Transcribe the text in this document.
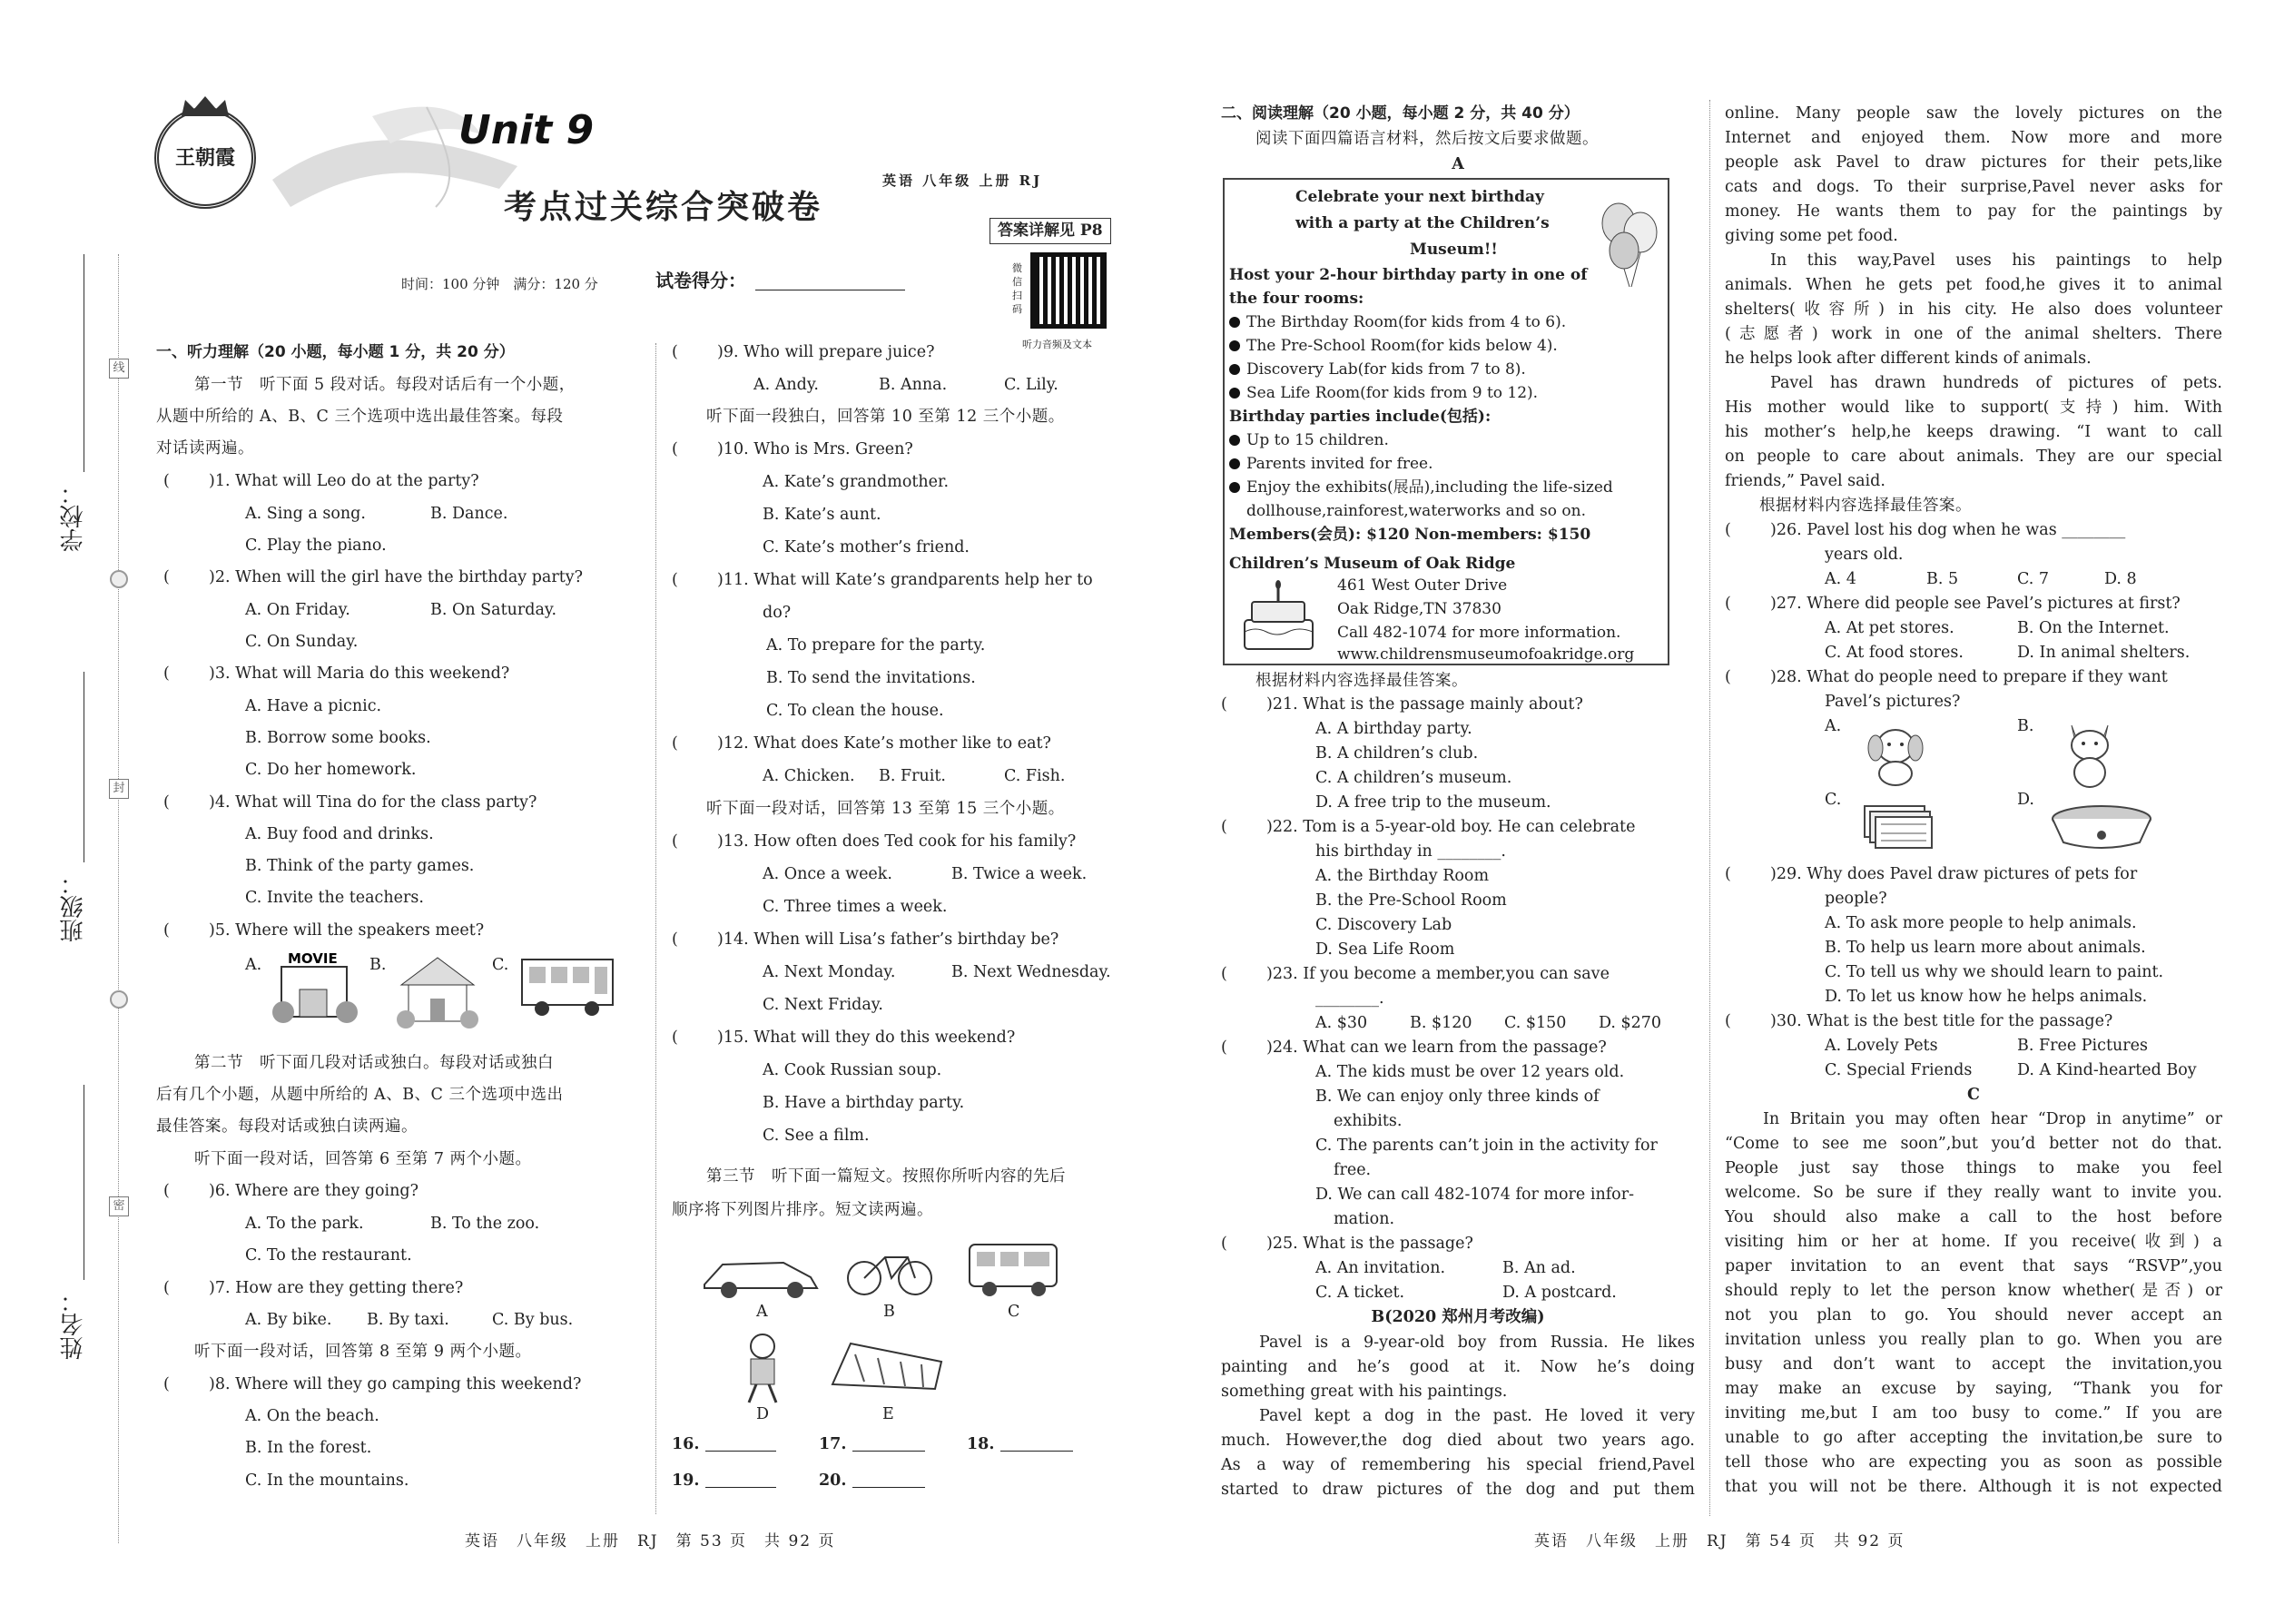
线
封
密
学校：
班级：
姓名：
王朝霞
Unit 9
考点过关综合突破卷
英语 八年级 上册 RJ
答案详解见 P8
微信扫码
听力音频及文本
时间：100 分钟　满分：120 分	试卷得分：
一、听力理解（20 小题，每小题 1 分，共 20 分）
第一节　听下面 5 段对话。每段对话后有一个小题，
从题中所给的 A、B、C 三个选项中选出最佳答案。每段
对话读两遍。
( )1. What will Leo do at the party?
A. Sing a song.	B. Dance.
C. Play the piano.
( )2. When will the girl have the birthday party?
A. On Friday.	B. On Saturday.
C. On Sunday.
( )3. What will Maria do this weekend?
A. Have a picnic.
B. Borrow some books.
C. Do her homework.
( )4. What will Tina do for the class party?
A. Buy food and drinks.
B. Think of the party games.
C. Invite the teachers.
( )5. Where will the speakers meet?
A.	B.	C.
MOVIE
第二节　听下面几段对话或独白。每段对话或独白
后有几个小题，从题中所给的 A、B、C 三个选项中选出
最佳答案。每段对话或独白读两遍。
听下面一段对话，回答第 6 至第 7 两个小题。
( )6. Where are they going?
A. To the park.	B. To the zoo.
C. To the restaurant.
( )7. How are they getting there?
A. By bike. B. By taxi.	C. By bus.
听下面一段对话，回答第 8 至第 9 两个小题。
( )8. Where will they go camping this weekend?
A. On the beach.
B. In the forest.
C. In the mountains.
( )9. Who will prepare juice?
A. Andy.	B. Anna.	C. Lily.
听下面一段独白，回答第 10 至第 12 三个小题。
( )10. Who is Mrs. Green?
A. Kate’s grandmother.
B. Kate’s aunt.
C. Kate’s mother’s friend.
( )11. What will Kate’s grandparents help her to
do?
A. To prepare for the party.
B. To send the invitations.
C. To clean the house.
( )12. What does Kate’s mother like to eat?
A. Chicken. B. Fruit.	C. Fish.
听下面一段对话，回答第 13 至第 15 三个小题。
( )13. How often does Ted cook for his family?
A. Once a week.	B. Twice a week.
C. Three times a week.
( )14. When will Lisa’s father’s birthday be?
A. Next Monday.	B. Next Wednesday.
C. Next Friday.
( )15. What will they do this weekend?
A. Cook Russian soup.
B. Have a birthday party.
C. See a film.
第三节　听下面一篇短文。按照你所听内容的先后
顺序将下列图片排序。短文读两遍。
A	B	C
D	E
16.	17.	18.
19.	20.
二、阅读理解（20 小题，每小题 2 分，共 40 分）
阅读下面四篇语言材料，然后按文后要求做题。
A
Celebrate your next birthday
with a party at the Children’s
Museum!!
Host your 2-hour birthday party in one of
the four rooms:
The Birthday Room(for kids from 4 to 6).
The Pre-School Room(for kids below 4).
Discovery Lab(for kids from 7 to 8).
Sea Life Room(for kids from 9 to 12).
Birthday parties include(包括):
Up to 15 children.
Parents invited for free.
Enjoy the exhibits(展品),including the life-sized
dollhouse,rainforest,waterworks and so on.
Members(会员): $120 Non-members: $150
Children’s Museum of Oak Ridge
461 West Outer Drive
Oak Ridge,TN 37830
Call 482-1074 for more information.
www.childrensmuseumofoakridge.org
根据材料内容选择最佳答案。
( )21. What is the passage mainly about?
A. A birthday party.
B. A children’s club.
C. A children’s museum.
D. A free trip to the museum.
( )22. Tom is a 5-year-old boy. He can celebrate
his birthday in ________.
A. the Birthday Room
B. the Pre-School Room
C. Discovery Lab
D. Sea Life Room
( )23. If you become a member,you can save
________.
A. $30	B. $120 C. $150 D. $270
( )24. What can we learn from the passage?
A. The kids must be over 12 years old.
B. We can enjoy only three kinds of
exhibits.
C. The parents can’t join in the activity for
free.
D. We can call 482-1074 for more infor-
mation.
( )25. What is the passage?
A. An invitation.	B. An ad.
C. A ticket.	D. A postcard.
B(2020 郑州月考改编)
Pavel is a 9-year-old boy from Russia. He likes
painting and he’s good at it. Now he’s doing
something great with his paintings.
Pavel kept a dog in the past. He loved it very
much. However,the dog died about two years ago.
As a way of remembering his special friend,Pavel
started to draw pictures of the dog and put them
online. Many people saw the lovely pictures on the
Internet and enjoyed them. Now more and more
people ask Pavel to draw pictures for their pets,like
cats and dogs. To their surprise,Pavel never asks for
money. He wants them to pay for the paintings by
giving some pet food.
In this way,Pavel uses his paintings to help
animals. When he gets pet food,he gives it to animal
shelters(收容所) in his city. He also does volunteer
(志愿者) work in one of the animal shelters. There
he helps look after different kinds of animals.
Pavel has drawn hundreds of pictures of pets.
His mother would like to support(支持) him. With
his mother’s help,he keeps drawing. “I want to call
on people to care about animals. They are our special
friends,” Pavel said.
根据材料内容选择最佳答案。
( )26. Pavel lost his dog when he was ________
years old.
A. 4	B. 5	C. 7	D. 8
( )27. Where did people see Pavel’s pictures at first?
A. At pet stores.	B. On the Internet.
C. At food stores.	D. In animal shelters.
( )28. What do people need to prepare if they want
Pavel’s pictures?
A.	B.
C.	D.
( )29. Why does Pavel draw pictures of pets for
people?
A. To ask more people to help animals.
B. To help us learn more about animals.
C. To tell us why we should learn to paint.
D. To let us know how he helps animals.
( )30. What is the best title for the passage?
A. Lovely Pets	B. Free Pictures
C. Special Friends	D. A Kind-hearted Boy
C
In Britain you may often hear “Drop in anytime” or
“Come to see me soon”,but you’d better not do that.
People just say those things to make you feel
welcome. So be sure if they really want to invite you.
You should also make a call to the host before
visiting him or her at home. If you receive(收到) a
paper invitation to an event that says “RSVP”,you
should reply to let the person know whether(是否) or
not you plan to go. You should never accept an
invitation unless you really plan to go. When you are
busy and don’t want to accept the invitation,you
may make an excuse by saying, “Thank you for
inviting me,but I am too busy to come.” If you are
unable to go after accepting the invitation,be sure to
tell those who are expecting you as soon as possible
that you will not be there. Although it is not expected
英语　八年级　上册　RJ　第 53 页　共 92 页	英语　八年级　上册　RJ　第 54 页　共 92 页
